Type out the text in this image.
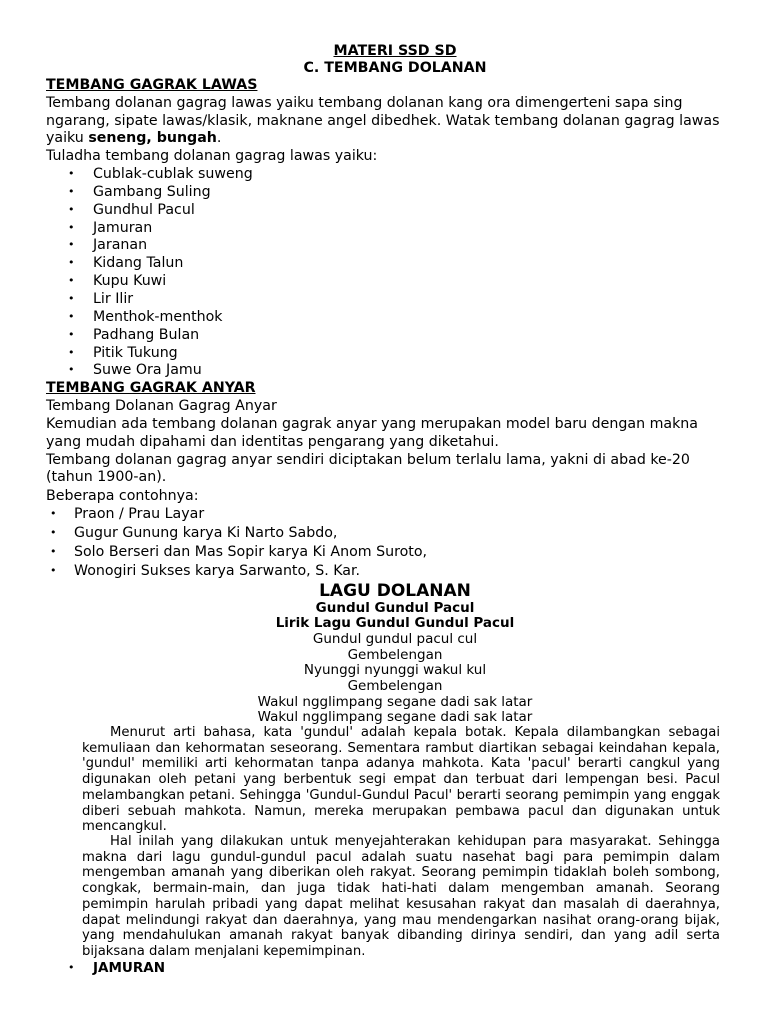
MATERI SSD SD
C. TEMBANG DOLANAN
TEMBANG GAGRAK LAWAS
Tembang dolanan gagrag lawas yaiku tembang dolanan kang ora dimengerteni sapa sing
ngarang, sipate lawas/klasik, maknane angel dibedhek. Watak tembang dolanan gagrag lawas
yaiku seneng, bungah.
Tuladha tembang dolanan gagrag lawas yaiku:
• Cublak-cublak suweng
• Gambang Suling
• Gundhul Pacul
• Jamuran
• Jaranan
• Kidang Talun
• Kupu Kuwi
• Lir Ilir
• Menthok-menthok
• Padhang Bulan
• Pitik Tukung
• Suwe Ora Jamu
TEMBANG GAGRAK ANYAR
Tembang Dolanan Gagrag Anyar
Kemudian ada tembang dolanan gagrak anyar yang merupakan model baru dengan makna
yang mudah dipahami dan identitas pengarang yang diketahui.
Tembang dolanan gagrag anyar sendiri diciptakan belum terlalu lama, yakni di abad ke-20
(tahun 1900-an).
Beberapa contohnya:
• Praon / Prau Layar
• Gugur Gunung karya Ki Narto Sabdo,
• Solo Berseri dan Mas Sopir karya Ki Anom Suroto,
• Wonogiri Sukses karya Sarwanto, S. Kar.
LAGU DOLANAN
Gundul Gundul Pacul
Lirik Lagu Gundul Gundul Pacul
Gundul gundul pacul cul
Gembelengan
Nyunggi nyunggi wakul kul
Gembelengan
Wakul ngglimpang segane dadi sak latar
Wakul ngglimpang segane dadi sak latar
Menurut arti bahasa, kata 'gundul' adalah kepala botak. Kepala dilambangkan sebagai kemuliaan dan kehormatan seseorang. Sementara rambut diartikan sebagai keindahan kepala, 'gundul' memiliki arti kehormatan tanpa adanya mahkota. Kata 'pacul' berarti cangkul yang digunakan oleh petani yang berbentuk segi empat dan terbuat dari lempengan besi. Pacul melambangkan petani. Sehingga 'Gundul-Gundul Pacul' berarti seorang pemimpin yang enggak diberi sebuah mahkota. Namun, mereka merupakan pembawa pacul dan digunakan untuk mencangkul.
Hal inilah yang dilakukan untuk menyejahterakan kehidupan para masyarakat. Sehingga makna dari lagu gundul-gundul pacul adalah suatu nasehat bagi para pemimpin dalam mengemban amanah yang diberikan oleh rakyat. Seorang pemimpin tidaklah boleh sombong, congkak, bermain-main, dan juga tidak hati-hati dalam mengemban amanah. Seorang pemimpin harulah pribadi yang dapat melihat kesusahan rakyat dan masalah di daerahnya, dapat melindungi rakyat dan daerahnya, yang mau mendengarkan nasihat orang-orang bijak, yang mendahulukan amanah rakyat banyak dibanding dirinya sendiri, dan yang adil serta bijaksana dalam menjalani kepemimpinan.
• JAMURAN
